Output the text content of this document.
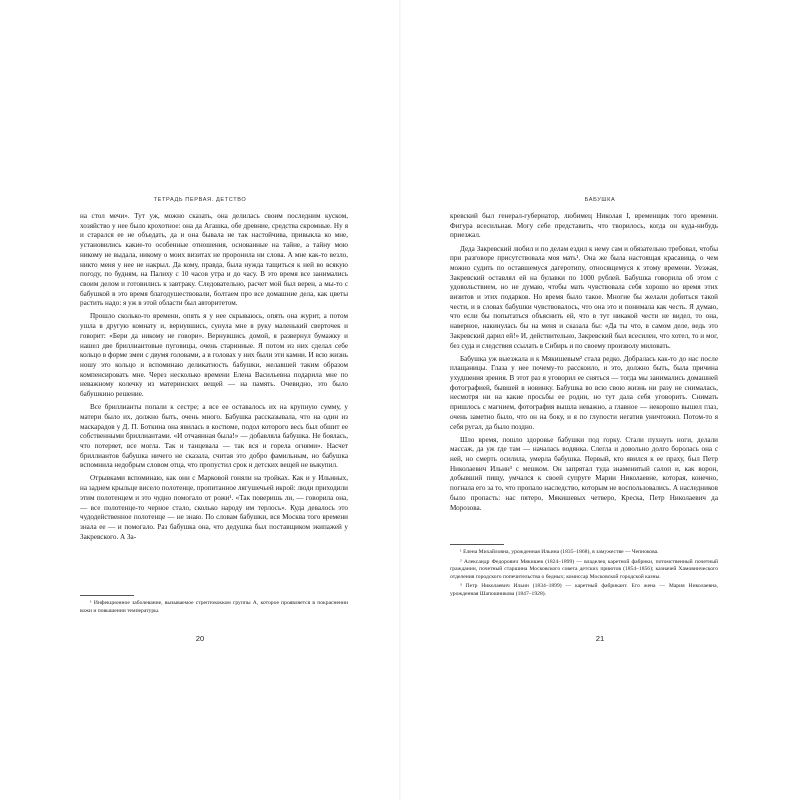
ТЕТРАДЬ ПЕРВАЯ. ДЕТСТВО

на стол мечи». Тут уж, можно сказать, она делилась своим последним куском, хозяйство у нее было крохотное: она да Агашка, обе древние, средства скромные. Ну я и старался ее не объедать, да и она бывала не так настойчива, привыкла ко мне, установились какие-то особенные отношения, основанные на тайне, а тайну мою никому не выдала, никому о моих визитах не проронила ни слова. А мне как-то везло, никто меня у нее не накрыл. Да кому, правда, была нужда тащиться к ней во всякую погоду, по будням, на Палиху с 10 часов утра и до часу. В это время все занимались своим делом и готовились к завтраку. Следовательно, расчет мой был верен, а мы-то с бабушкой в это время благодушествовали, болтаем про все домашние дела, как цветы растить надо: я уж в этой области был авторитетом.

Прошло сколько-то времени, опять я у нее скрываюсь, опять она журит, а потом ушла в другую комнату и, вернувшись, сунула мне в руку маленький сверточек и говорит: «Бери да никому не говори». Вернувшись домой, я развернул бумажку и нашел две бриллиантовые пуговицы, очень старинные. Я потом из них сделал себе кольцо в форме змеи с двумя головами, а в головах у них были эти камни. И всю жизнь ношу это кольцо и вспоминаю деликатность бабушки, желавшей таким образом компенсировать мне. Через несколько времени Елена Васильевна подарила мне по неважному колечку из материнских вещей — на память. Очевидно, это было бабушкино решение.

Все бриллианты попали к сестре; а все ее оставалось их на крупную сумму, у матери было их, должно быть, очень много. Бабушка рассказывала, что на один из маскарадов у Д. П. Боткина она явилась в костюме, подол которого весь был обшит ее собственными бриллиантами. «И отчаянная была!» — добавляла бабушка. Не боялась, что потеряет, все могла. Так и танцевала — так вся и горела огнями». Насчет бриллиантов бабушка ничего не сказала, считая это добро фамильным, но бабушка вспомнила недобрым словом отца, что пропустил срок и детских вещей не выкупил.

Отрывками вспоминаю, как они с Марковой гоняли на тройках. Как и у Ильиных, на заднем крыльце висело полотенце, пропитанное лягушечьей икрой: люди приходили этим полотенцем и это чудно помогало от рожи¹. «Так поверишь ли, — говорила она, — все полотенце-то черное стало, сколько народу им терлось». Куда девалось это чудодейственное полотенце — не знаю. По словам бабушки, вся Москва того времени знала ее — и помогало. Раз бабушка она, что дедушка был поставщиком экипажей у Закревского. А За-

¹ Инфекционное заболевание, вызываемое стрептококком группы А, которое проявляется в покраснении кожи и повышении температуры.

20
БАБУШКА

кревский был генерал-губернатор, любимец Николая I, временщик того времени. Фигура всесильная. Могу себе представить, что творилось, когда он куда-нибудь приезжал.

Деда Закревский любил и по делам ездил к нему сам и обязательно требовал, чтобы при разговоре присутствовала моя мать¹. Она же была настоящая красавица, о чем можно судить по оставшемуся дагеротипу, относящемуся к этому времени. Уезжая, Закревский оставлял ей на булавки по 1000 рублей. Бабушка говорила об этом с удовольствием, но не думаю, чтобы мать чувствовала себя хорошо во время этих визитов и этих подарков. Но время было такое. Многие бы желали добиться такой чести, и в словах бабушки чувствовалось, что она это и понимала как честь. Я думаю, что если бы попытаться объяснить ей, что в тут никакой чести не видел, то она, наверное, накинулась бы на меня и сказала бы: «Да ты что, в самом деле, ведь это Закревский дарил ей!» И, действительно, Закревский был всесилен, что хотел, то и мог, без суда и следствия ссылать в Сибирь и по своему произволу миловать.

Бабушка уж выезжала и к Мякишевым² стала редко. Добралась как-то до нас после плащаницы. Глаза у нее почему-то расскоило, и это, должно быть, была причина ухудшения зрения. В этот раз я уговорил ее сняться — тогда мы занимались домашней фотографией, бывшей в новинку. Бабушка во всю свою жизнь ни разу не снималась, несмотря ни на какие просьбы ее родни, но тут дала себя уговорить. Снимать пришлось с магнием, фотография вышла неважно, а главное — некорошо вышел глаз, очень заметно было, что он на боку, и я по глупости негатив уничтожил. Потом-то я себя ругал, да было поздно.

Шло время, пошло здоровье бабушки под горку. Стали пухнуть ноги, делали массаж, да уж где там — началась водянка. Слегла и довольно долго боролась она с ней, но смерть осилила, умерла бабушка. Первый, кто явился к ее праху, был Петр Николаевич Ильин³ с мешком. Он запрятал туда знаменитый салоп и, как ворон, добывший пищу, умчался к своей супруге Марии Николаевне, которая, конечно, погнала его за то, что пропало наследство, которым не воспользовались. А наследников было пропасть: нас пятеро, Мякишевых четверо, Креска, Петр Николаевич да Морозова.

¹ Елена Михайловна, урожденная Ильина (1835–1868), в замужестве — Чепнокова.

² Александр Федорович Мякишев (1824–1899) — владелец каретной фабрики, потомственный почетный гражданин, почетный старшина Московского совета детских приютов (1854–1856); казначей Хамовнического отделения городского попечительства о бедных; комиссар Московской городской казны.

³ Петр Николаевич Ильин (1834–1899) — каретный фабрикант. Его жена — Мария Николаевна, урожденная Шапошникова (1847–1928).

21
